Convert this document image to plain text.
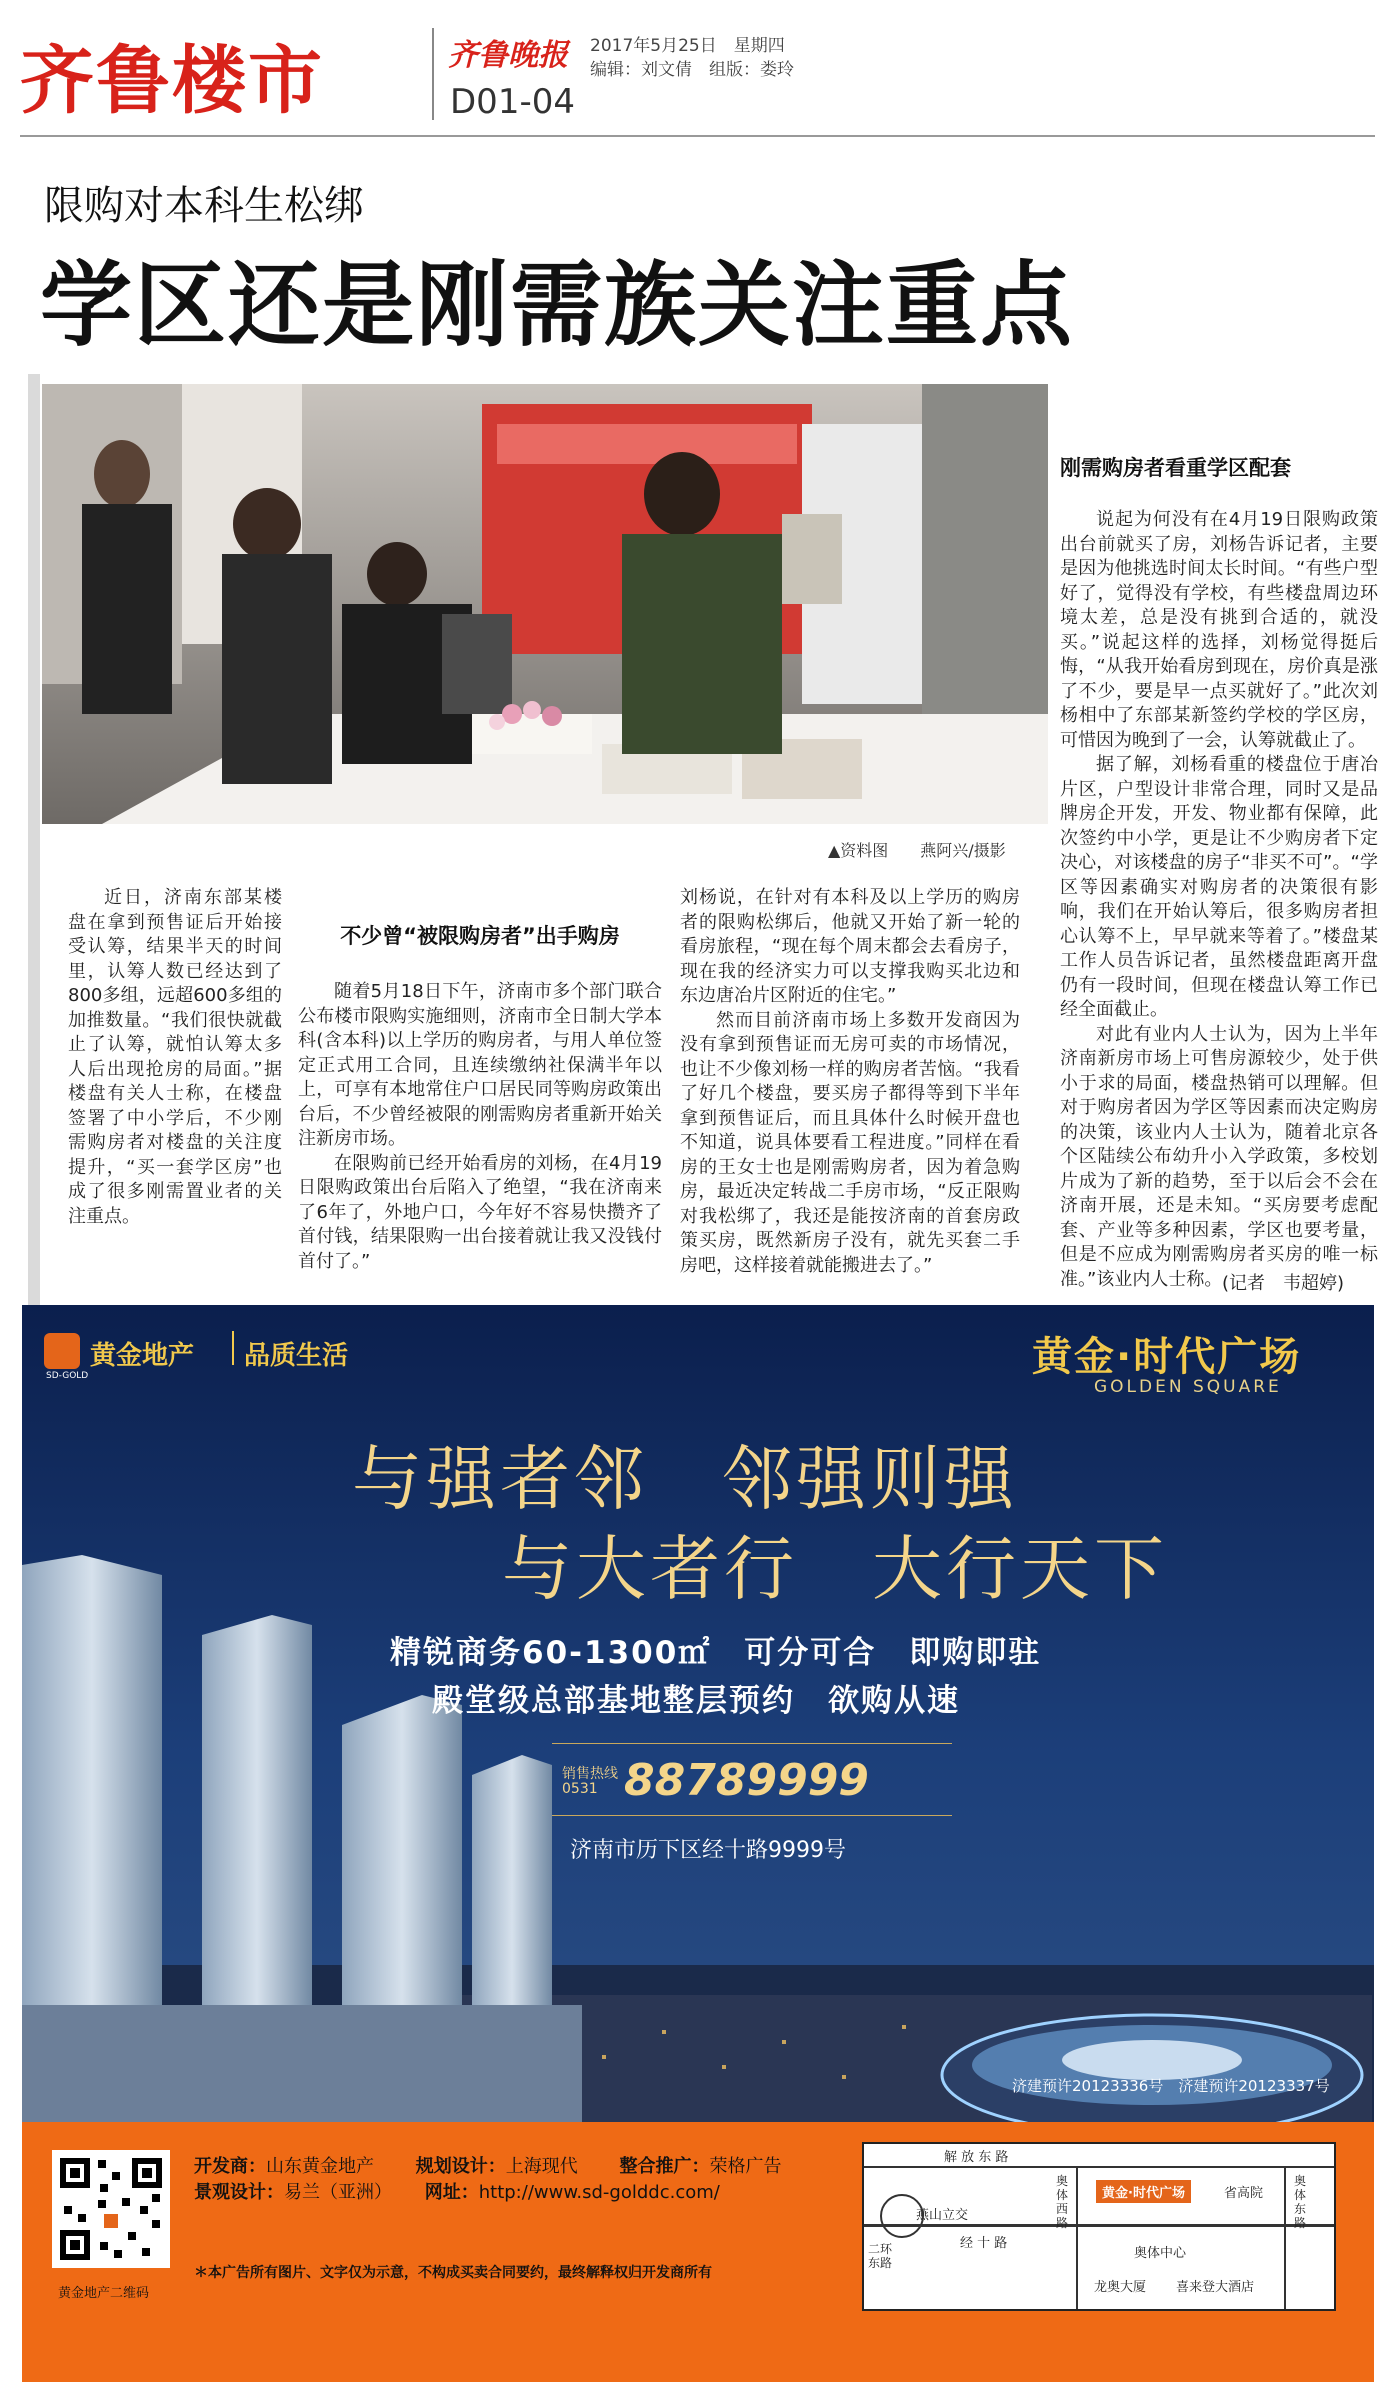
齐鲁楼市	齐鲁晚报 2017年5月25日　星期四
编辑：刘文倩　组版：娄玲
D01-04
限购对本科生松绑
学区还是刚需族关注重点
▲资料图　　燕阿兴/摄影

近日，济南东部某楼盘在拿到预售证后开始接受认筹，结果半天的时间里，认筹人数已经达到了800多组，远超600多组的加推数量。“我们很快就截止了认筹，就怕认筹太多人后出现抢房的局面。”据楼盘有关人士称，在楼盘签署了中小学后，不少刚需购房者对楼盘的关注度提升，“买一套学区房”也成了很多刚需置业者的关注重点。

不少曾“被限购房者”出手购房

随着5月18日下午，济南市多个部门联合公布楼市限购实施细则，济南市全日制大学本科(含本科)以上学历的购房者，与用人单位签定正式用工合同，且连续缴纳社保满半年以上，可享有本地常住户口居民同等购房政策出台后，不少曾经被限的刚需购房者重新开始关注新房市场。

在限购前已经开始看房的刘杨，在4月19日限购政策出台后陷入了绝望，“我在济南来了6年了，外地户口，今年好不容易快攒齐了首付钱，结果限购一出台接着就让我又没钱付首付了。”

刘杨说，在针对有本科及以上学历的购房者的限购松绑后，他就又开始了新一轮的看房旅程，“现在每个周末都会去看房子，现在我的经济实力可以支撑我购买北边和东边唐冶片区附近的住宅。”

然而目前济南市场上多数开发商因为没有拿到预售证而无房可卖的市场情况，也让不少像刘杨一样的购房者苦恼。“我看了好几个楼盘，要买房子都得等到下半年拿到预售证后，而且具体什么时候开盘也不知道，说具体要看工程进度。”同样在看房的王女士也是刚需购房者，因为着急购房，最近决定转战二手房市场，“反正限购对我松绑了，我还是能按济南的首套房政策买房，既然新房子没有，就先买套二手房吧，这样接着就能搬进去了。”

刚需购房者看重学区配套

说起为何没有在4月19日限购政策出台前就买了房，刘杨告诉记者，主要是因为他挑选时间太长时间。“有些户型好了，觉得没有学校，有些楼盘周边环境太差，总是没有挑到合适的，就没买。”说起这样的选择，刘杨觉得挺后悔，“从我开始看房到现在，房价真是涨了不少，要是早一点买就好了。”此次刘杨相中了东部某新签约学校的学区房，可惜因为晚到了一会，认筹就截止了。

据了解，刘杨看重的楼盘位于唐冶片区，户型设计非常合理，同时又是品牌房企开发，开发、物业都有保障，此次签约中小学，更是让不少购房者下定决心，对该楼盘的房子“非买不可”。“学区等因素确实对购房者的决策很有影响，我们在开始认筹后，很多购房者担心认筹不上，早早就来等着了。”楼盘某工作人员告诉记者，虽然楼盘距离开盘仍有一段时间，但现在楼盘认筹工作已经全面截止。

对此有业内人士认为，因为上半年济南新房市场上可售房源较少，处于供小于求的局面，楼盘热销可以理解。但对于购房者因为学区等因素而决定购房的决策，该业内人士认为，随着北京各个区陆续公布幼升小入学政策，多校划片成为了新的趋势，至于以后会不会在济南开展，还是未知。“买房要考虑配套、产业等多种因素，学区也要考量，但是不应成为刚需购房者买房的唯一标准。”该业内人士称。 (记者　韦超婷)
SD-GOLD
黄金地产 品质生活	黄金·时代广场
GOLDEN SQUARE
与强者邻　邻强则强
与大者行　大行天下
精锐商务60-1300㎡　可分可合　即购即驻
殿堂级总部基地整层预约　欲购从速
销售热线
0531 88789999
济南市历下区经十路9999号
济建预许20123336号　济建预许20123337号
黄金地产二维码
开发商：山东黄金地产　　 规划设计：上海现代　　 整合推广：荣格广告
景观设计：易兰（亚洲）　　 网址：http://www.sd-golddc.com/
＊本广告所有图片、文字仅为示意，不构成买卖合同要约，最终解释权归开发商所有
解 放 东 路
经 十 路
燕山立交
二环东路
奥体西路
奥体东路
黄金·时代广场	省高院
奥体中心
龙奥大厦 喜来登大酒店
